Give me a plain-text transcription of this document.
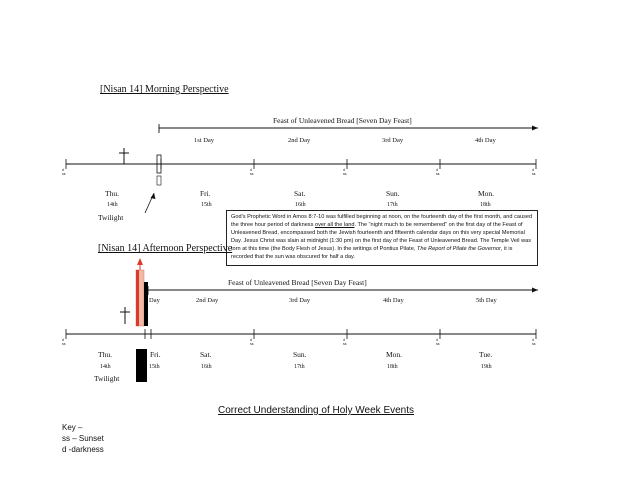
[Nisan 14] Morning Perspective
Feast of Unleavened Bread [Seven Day Feast]
1st Day	2nd Day	3rd Day	4th Day
d
ss
d
ss
d
ss
d
ss
d
ss
Thu.	Fri.	Sat.	Sun.	Mon.
14th	15th	16th	17th	18th
Twilight	God’s Prophetic Word in Amos 8:7-10 was fulfilled beginning at noon, on the fourteenth day of the first month, and caused the three hour period of darkness over all the land. The “night much to be remembered” on the first day of the Feast of Unleavened Bread, encompassed both the Jewish fourteenth and fifteenth calendar days on this very special Memorial Day. Jesus Christ was slain at midnight (1:30 pm) on the first day of the Feast of Unleavened Bread. The Temple Veil was torn at this time (the Body Flesh of Jesus). In the writings of Pontius Pilate, The Report of Pilate the Governor, it is recorded that the sun was obscured for half a day.
[Nisan 14] Afternoon Perspective
Feast of Unleavened Bread [Seven Day Feast]
Day	2nd Day	3rd Day	4th Day	5th Day
d
ss
d
ss
d
ss
d
ss
d
ss
Thu.	Fri.	Sat.	Sun.	Mon.	Tue.
14th	15th	16th	17th	18th	19th
Twilight
Correct Understanding of Holy Week Events
Key –
ss – Sunset
d -darkness
